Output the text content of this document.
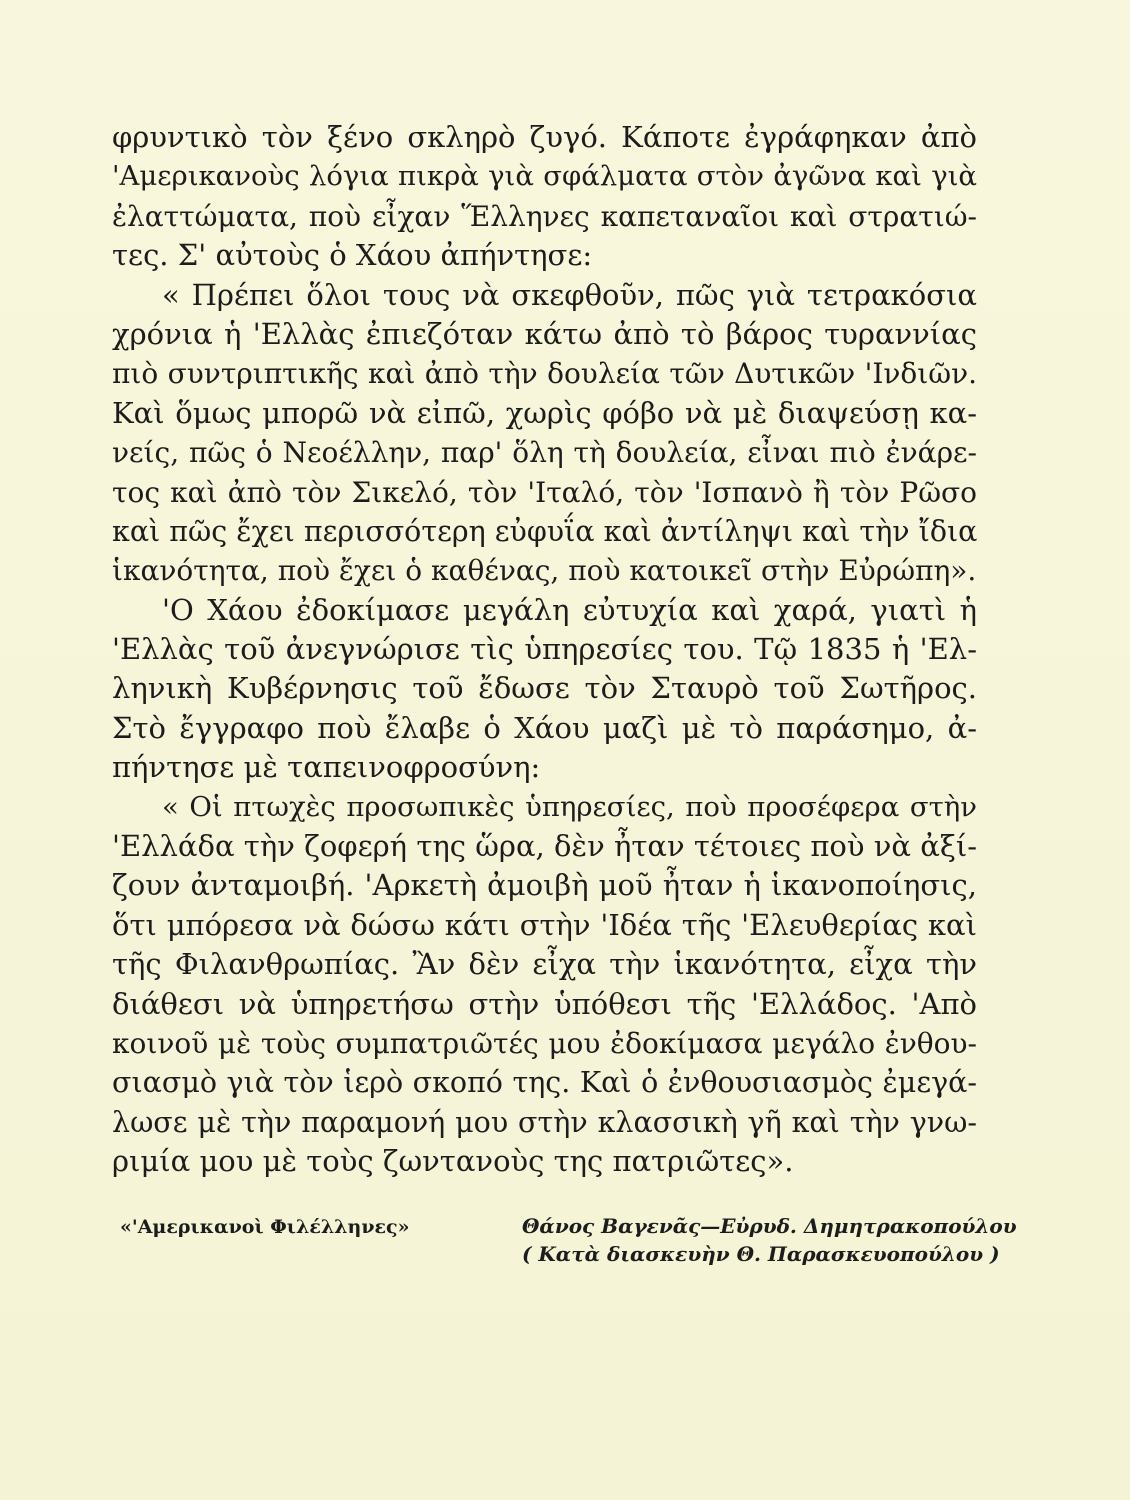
φρυντικὸ τὸν ξένο σκληρὸ ζυγό. Κάποτε ἐγράφηκαν ἀπὸ
'Αμερικανοὺς λόγια πικρὰ γιὰ σφάλματα στὸν ἀγῶνα καὶ γιὰ
ἐλαττώματα, ποὺ εἶχαν Ἕλληνες καπεταναῖοι καὶ στρατιώ-
τες. Σ' αὐτοὺς ὁ Χάου ἀπήντησε:
« Πρέπει ὅλοι τους νὰ σκεφθοῦν, πῶς γιὰ τετρακόσια
χρόνια ἡ 'Ελλὰς ἐπιεζόταν κάτω ἀπὸ τὸ βάρος τυραννίας
πιὸ συντριπτικῆς καὶ ἀπὸ τὴν δουλεία τῶν Δυτικῶν 'Ινδιῶν.
Καὶ ὅμως μπορῶ νὰ εἰπῶ, χωρὶς φόβο νὰ μὲ διαψεύσῃ κα-
νείς, πῶς ὁ Νεοέλλην, παρ' ὅλη τὴ δουλεία, εἶναι πιὸ ἐνάρε-
τος καὶ ἀπὸ τὸν Σικελό, τὸν 'Ιταλό, τὸν 'Ισπανὸ ἢ τὸν Ρῶσο
καὶ πῶς ἔχει περισσότερη εὐφυΐα καὶ ἀντίληψι καὶ τὴν ἴδια
ἱκανότητα, ποὺ ἔχει ὁ καθένας, ποὺ κατοικεῖ στὴν Εὐρώπη».
'Ο Χάου ἐδοκίμασε μεγάλη εὐτυχία καὶ χαρά, γιατὶ ἡ
'Ελλὰς τοῦ ἀνεγνώρισε τὶς ὑπηρεσίες του. Τῷ 1835 ἡ 'Ελ-
ληνικὴ Κυβέρνησις τοῦ ἔδωσε τὸν Σταυρὸ τοῦ Σωτῆρος.
Στὸ ἔγγραφο ποὺ ἔλαβε ὁ Χάου μαζὶ μὲ τὸ παράσημο, ἀ-
πήντησε μὲ ταπεινοφροσύνη:
« Οἱ πτωχὲς προσωπικὲς ὑπηρεσίες, ποὺ προσέφερα στὴν
'Ελλάδα τὴν ζοφερή της ὥρα, δὲν ἦταν τέτοιες ποὺ νὰ ἀξί-
ζουν ἀνταμοιβή. 'Αρκετὴ ἀμοιβὴ μοῦ ἦταν ἡ ἱκανοποίησις,
ὅτι μπόρεσα νὰ δώσω κάτι στὴν 'Ιδέα τῆς 'Ελευθερίας καὶ
τῆς Φιλανθρωπίας. Ἂν δὲν εἶχα τὴν ἱκανότητα, εἶχα τὴν
διάθεσι νὰ ὑπηρετήσω στὴν ὑπόθεσι τῆς 'Ελλάδος. 'Απὸ
κοινοῦ μὲ τοὺς συμπατριῶτές μου ἐδοκίμασα μεγάλο ἐνθου-
σιασμὸ γιὰ τὸν ἱερὸ σκοπό της. Καὶ ὁ ἐνθουσιασμὸς ἐμεγά-
λωσε μὲ τὴν παραμονή μου στὴν κλασσικὴ γῆ καὶ τὴν γνω-
ριμία μου μὲ τοὺς ζωντανοὺς της πατριῶτες».
«'Αμερικανοὶ Φιλέλληνες»	Θάνος Βαγενᾶς—Εὐρυδ. Δημητρακοπούλου
( Κατὰ διασκευὴν Θ. Παρασκευοπούλου )
